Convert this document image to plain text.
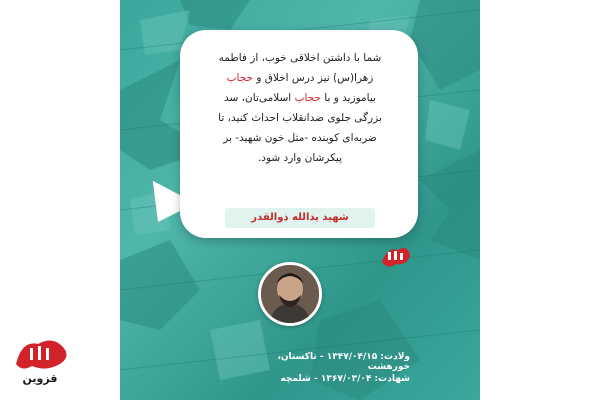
شما با داشتن اخلاقی خوب، از فاطمه
زهرا(س) نیز درس اخلاق و حجاب
بیاموزید و با حجاب اسلامی‌تان، سد
بزرگی جلوی ضدانقلاب احداث کنید، تا
ضربه‌ای کوبنده -مثل خون شهید- بر
پیکرشان وارد شود.
شهید یدالله ذوالقدر
ولادت: ۱۳۴۷/۰۴/۱۵ - تاکستان، خورهشت
شهادت: ۱۳۶۷/۰۳/۰۴ - شلمچه
قزوین
